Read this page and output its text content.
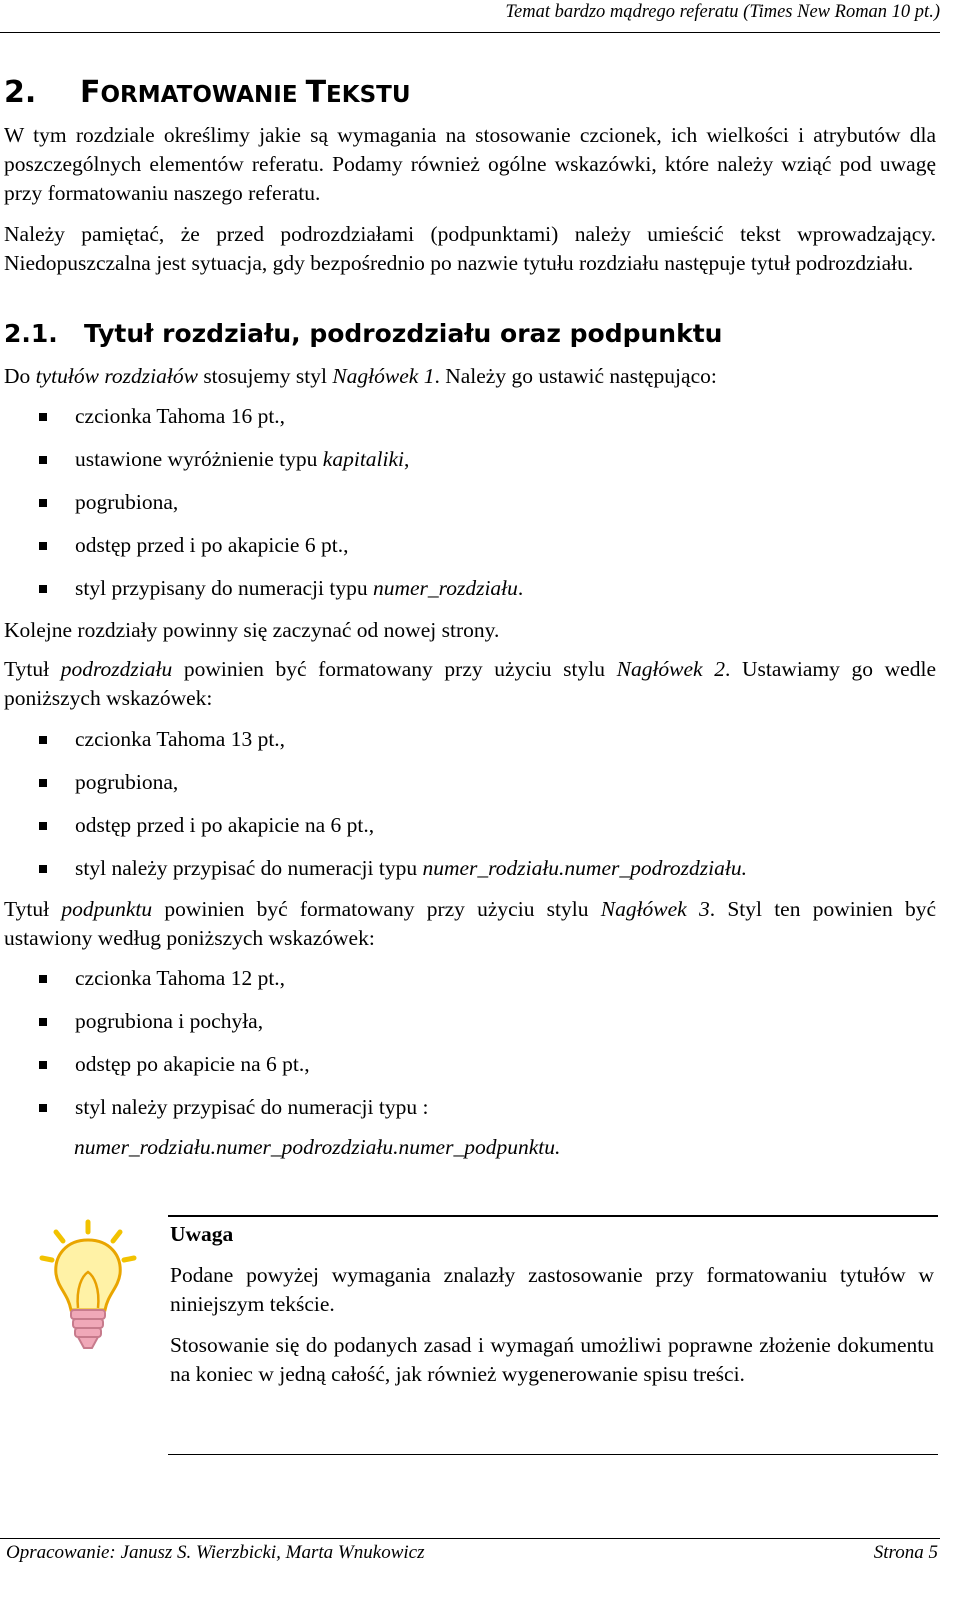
Temat bardzo mądrego referatu (Times New Roman 10 pt.)
2. FORMATOWANIE TEKSTU
W tym rozdziale określimy jakie są wymagania na stosowanie czcionek, ich wielkości i atrybutów dla poszczególnych elementów referatu. Podamy również ogólne wskazówki, które należy wziąć pod uwagę przy formatowaniu naszego referatu.
Należy pamiętać, że przed podrozdziałami (podpunktami) należy umieścić tekst wprowadzający. Niedopuszczalna jest sytuacja, gdy bezpośrednio po nazwie tytułu rozdziału następuje tytuł podrozdziału.
2.1. Tytuł rozdziału, podrozdziału oraz podpunktu
Do tytułów rozdziałów stosujemy styl Nagłówek 1. Należy go ustawić następująco:
czcionka Tahoma 16 pt.,
ustawione wyróżnienie typu kapitaliki,
pogrubiona,
odstęp przed i po akapicie 6 pt.,
styl przypisany do numeracji typu numer_rozdziału.
Kolejne rozdziały powinny się zaczynać od nowej strony.
Tytuł podrozdziału powinien być formatowany przy użyciu stylu Nagłówek 2. Ustawiamy go wedle poniższych wskazówek:
czcionka Tahoma 13 pt.,
pogrubiona,
odstęp przed i po akapicie na 6 pt.,
styl należy przypisać do numeracji typu numer_rodziału.numer_podrozdziału.
Tytuł podpunktu powinien być formatowany przy użyciu stylu Nagłówek 3. Styl ten powinien być ustawiony według poniższych wskazówek:
czcionka Tahoma 12 pt.,
pogrubiona i pochyła,
odstęp po akapicie na 6 pt.,
styl należy przypisać do numeracji typu :
numer_rodziału.numer_podrozdziału.numer_podpunktu.
Uwaga
Podane powyżej wymagania znalazły zastosowanie przy formatowaniu tytułów w niniejszym tekście.
Stosowanie się do podanych zasad i wymagań umożliwi poprawne złożenie dokumentu na koniec w jedną całość, jak również wygenerowanie spisu treści.
Opracowanie: Janusz S. Wierzbicki, Marta Wnukowicz	Strona 5
